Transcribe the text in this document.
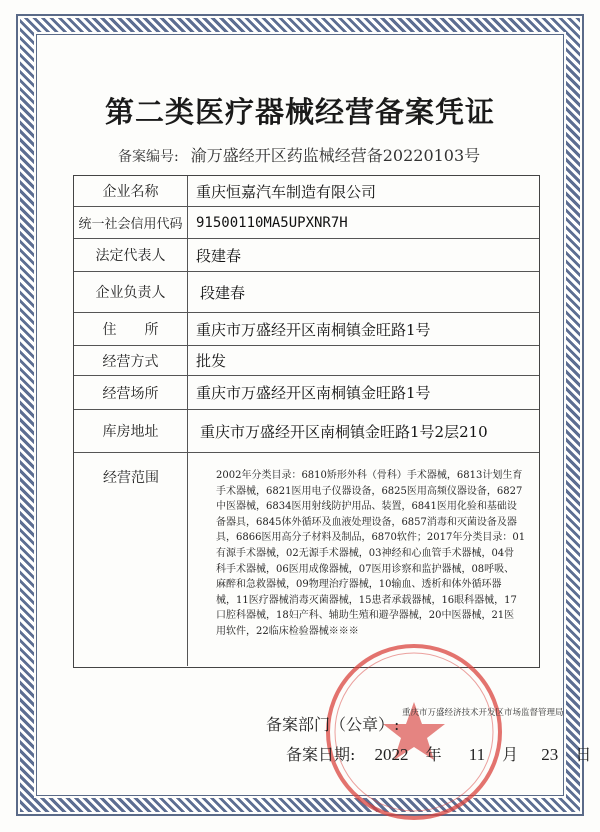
第二类医疗器械经营备案凭证
备案编号: 渝万盛经开区药监械经营备20220103号
企业名称	重庆恒嘉汽车制造有限公司
统一社会信用代码 91500110MA5UPXNR7H
法定代表人	段建春
企业负责人	段建春
住　　所	重庆市万盛经开区南桐镇金旺路1号
经营方式	批发
经营场所	重庆市万盛经开区南桐镇金旺路1号
库房地址	重庆市万盛经开区南桐镇金旺路1号2层210
经营范围	2002年分类目录：6810矫形外科（骨科）手术器械，6813计划生育
手术器械，6821医用电子仪器设备，6825医用高频仪器设备，6827
中医器械，6834医用射线防护用品、装置，6841医用化验和基础设
备器具，6845体外循环及血液处理设备，6857消毒和灭菌设备及器
具，6866医用高分子材料及制品，6870软件；2017年分类目录：01
有源手术器械，02无源手术器械，03神经和心血管手术器械，04骨
科手术器械，06医用成像器械，07医用诊察和监护器械，08呼吸、
麻醉和急救器械，09物理治疗器械，10输血、透析和体外循环器
械，11医疗器械消毒灭菌器械，15患者承载器械，16眼科器械，17
口腔科器械，18妇产科、辅助生殖和避孕器械，20中医器械，21医
用软件，22临床检验器械※※※
备案部门（公章）:
重庆市万盛经济技术开发区市场监督管理局
备案日期: 2022 年 11 月 23 日
